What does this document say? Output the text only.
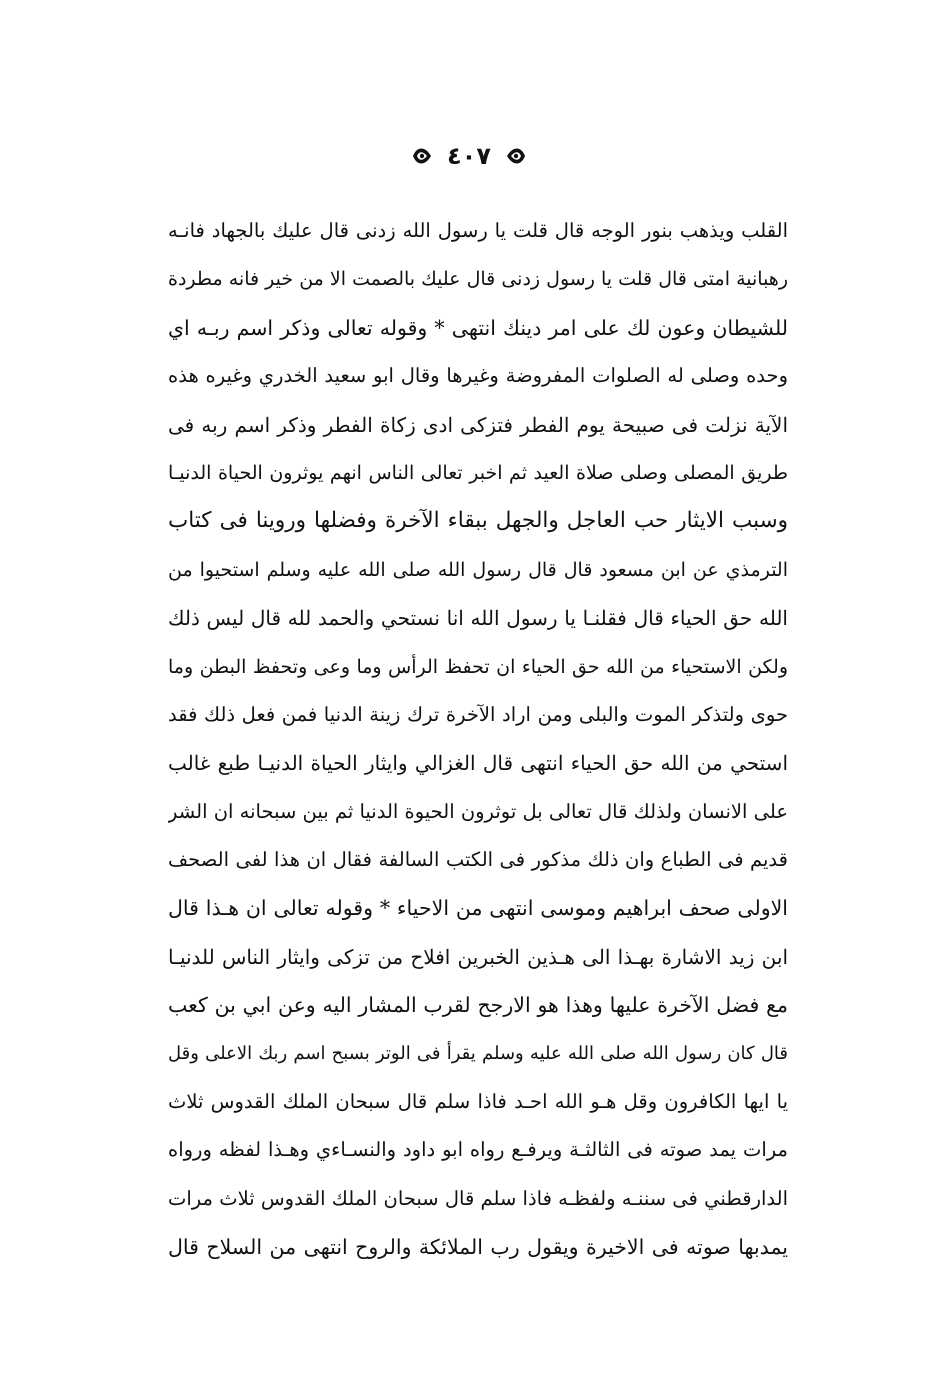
٤٠٧
القلب ويذهب بنور الوجه قال قلت يا رسول الله زدنى قال عليك بالجهاد فانـه
رهبانية امتى قال قلت يا رسول زدنى قال عليك بالصمت الا من خير فانه مطردة
للشيطان وعون لك على امر دينك انتهى * وقوله تعالى وذكر اسم ربـه اي
وحده وصلى له الصلوات المفروضة وغيرها وقال ابو سعيد الخدري وغيره هذه
الآية نزلت فى صبيحة يوم الفطر فتزكى ادى زكاة الفطر وذكر اسم ربه فى
طريق المصلى وصلى صلاة العيد ثم اخبر تعالى الناس انهم يوثرون الحياة الدنيـا
وسبب الايثار حب العاجل والجهل ببقاء الآخرة وفضلها وروينا فى كتاب
الترمذي عن ابن مسعود قال قال رسول الله صلى الله عليه وسلم استحيوا من
الله حق الحياء قال فقلنـا يا رسول الله انا نستحي والحمد لله قال ليس ذلك
ولكن الاستحياء من الله حق الحياء ان تحفظ الرأس وما وعى وتحفظ البطن وما
حوى ولتذكر الموت والبلى ومن اراد الآخرة ترك زينة الدنيا فمن فعل ذلك فقد
استحي من الله حق الحياء انتهى قال الغزالي وايثار الحياة الدنيـا طبع غالب
على الانسان ولذلك قال تعالى بل توثرون الحيوة الدنيا ثم بين سبحانه ان الشر
قديم فى الطباع وان ذلك مذكور فى الكتب السالفة فقال ان هذا لفى الصحف
الاولى صحف ابراهيم وموسى انتهى من الاحياء * وقوله تعالى ان هـذا قال
ابن زيد الاشارة بهـذا الى هـذين الخبرين افلاح من تزكى وايثار الناس للدنيـا
مع فضل الآخرة عليها وهذا هو الارجح لقرب المشار اليه وعن ابي بن كعب
قال كان رسول الله صلى الله عليه وسلم يقرأ فى الوتر بسبح اسم ربك الاعلى وقل
يا ايها الكافرون وقل هـو الله احـد فاذا سلم قال سبحان الملك القدوس ثلاث
مرات يمد صوته فى الثالثـة ويرفـع رواه ابو داود والنسـاءي وهـذا لفظه ورواه
الدارقطني فى سننـه ولفظـه فاذا سلم قال سبحان الملك القدوس ثلاث مرات
يمدبها صوته فى الاخيرة ويقول رب الملائكة والروح انتهى من السلاح قال
